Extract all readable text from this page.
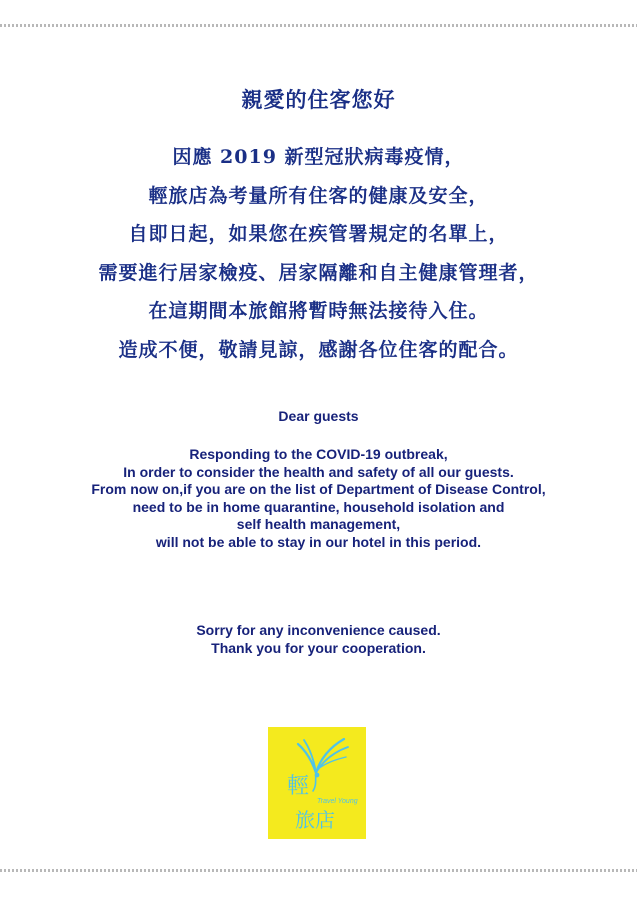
親愛的住客您好
因應 2019 新型冠狀病毒疫情，
輕旅店為考量所有住客的健康及安全，
自即日起，如果您在疾管署規定的名單上，
需要進行居家檢疫、居家隔離和自主健康管理者，
在這期間本旅館將暫時無法接待入住。
造成不便，敬請見諒，感謝各位住客的配合。
Dear guests
Responding to the COVID-19 outbreak,
In order to consider the health and safety of all our guests.
From now on,if you are on the list of Department of Disease Control,
need to be in home quarantine, household isolation and
self health management,
will not be able to stay in our hotel in this period.
Sorry for any inconvenience caused.
Thank you for your cooperation.
輕
Travel Young
旅店
